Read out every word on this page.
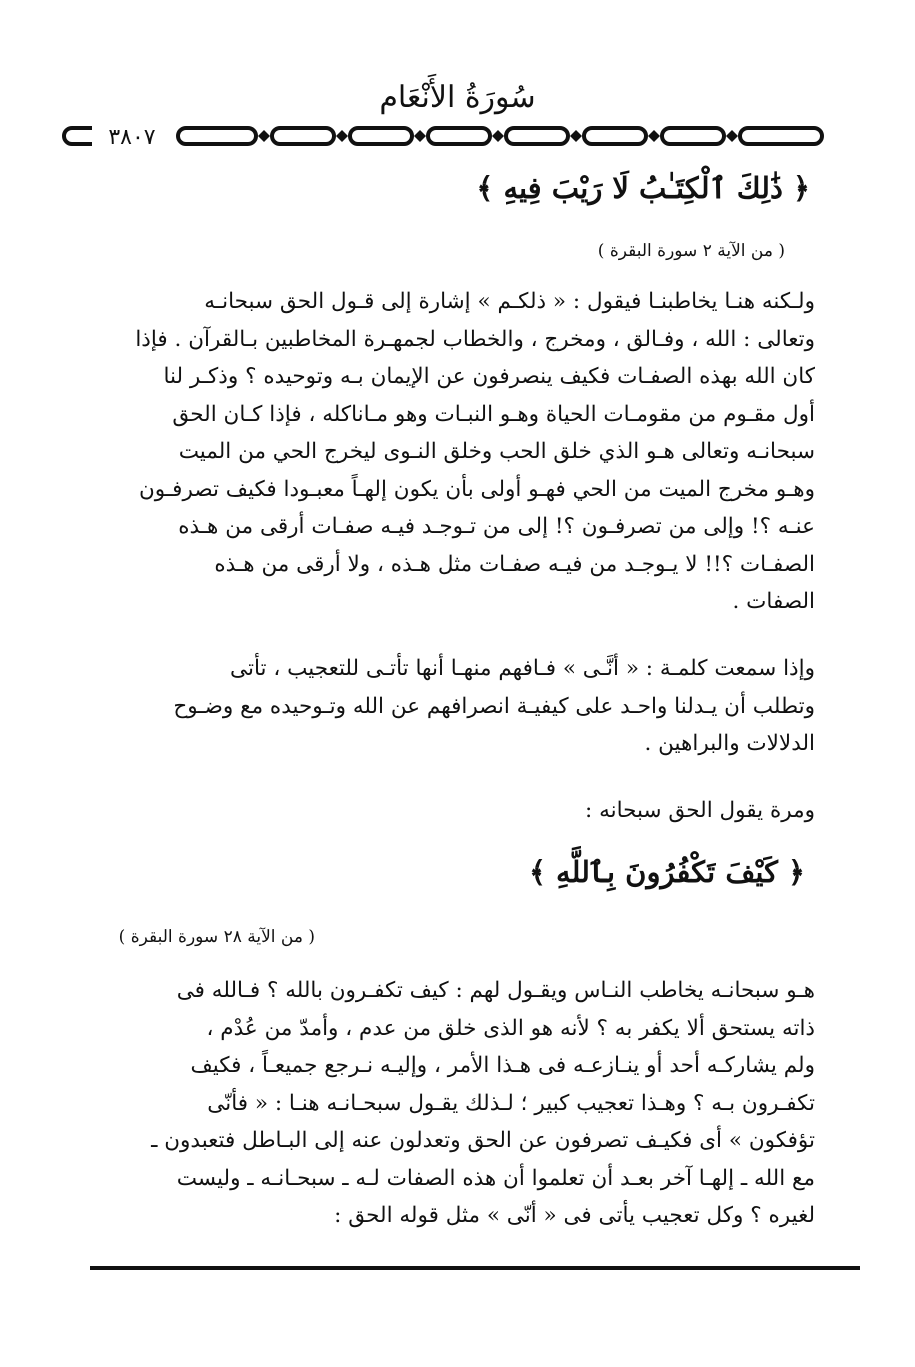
سُورَةُ الأَنْعَام
٣٨٠٧
﴿ ذَٰلِكَ ٱلْكِتَـٰبُ لَا رَيْبَ فِيهِ ﴾
( من الآية ٢ سورة البقرة )
ولـكنه هنـا يخاطبنـا فيقول : « ذلكـم » إشارة إلى قـول الحق سبحانـه
وتعالى : الله ، وفـالق ، ومخرج ، والخطاب لجمهـرة المخاطبين بـالقرآن . فإذا
كان الله بهذه الصفـات فكيف ينصرفون عن الإيمان بـه وتوحيده ؟ وذكـر لنا
أول مقـوم من مقومـات الحياة وهـو النبـات وهو مـاناكله ، فإذا كـان الحق
سبحانـه وتعالى هـو الذي خلق الحب وخلق النـوى ليخرج الحي من الميت
وهـو مخرج الميت من الحي فهـو أولى بأن يكون إلهـاً معبـودا فكيف تصرفـون
عنـه ؟! وإلى من تصرفـون ؟! إلى من تـوجـد فيـه صفـات أرقى من هـذه
الصفـات ؟!! لا يـوجـد من فيـه صفـات مثل هـذه ، ولا أرقى من هـذه
الصفات .
وإذا سمعت كلمـة : « أنَّـى » فـافهم منهـا أنها تأتـى للتعجيب ، تأتى
وتطلب أن يـدلنا واحـد على كيفيـة انصرافهم عن الله وتـوحيده مع وضـوح
الدلالات والبراهين .
ومرة يقول الحق سبحانه :
﴿ كَيْفَ تَكْفُرُونَ بِٱللَّهِ ﴾
( من الآية ٢٨ سورة البقرة )
هـو سبحانـه يخاطب النـاس ويقـول لهم : كيف تكفـرون بالله ؟ فـالله فى
ذاته يستحق ألا يكفر به ؟ لأنه هو الذى خلق من عدم ، وأمدّ من عُدْم ،
ولم يشاركـه أحد أو ينـازعـه فى هـذا الأمر ، وإليـه نـرجع جميعـاً ، فكيف
تكفـرون بـه ؟ وهـذا تعجيب كبير ؛ لـذلك يقـول سبحـانـه هنـا : « فأنّى
تؤفكون » أى فكيـف تصرفون عن الحق وتعدلون عنه إلى البـاطل فتعبدون ـ
مع الله ـ إلهـا آخر بعـد أن تعلموا أن هذه الصفات لـه ـ سبحـانـه ـ وليست
لغيره ؟ وكل تعجيب يأتى فى « أنّى » مثل قوله الحق :
